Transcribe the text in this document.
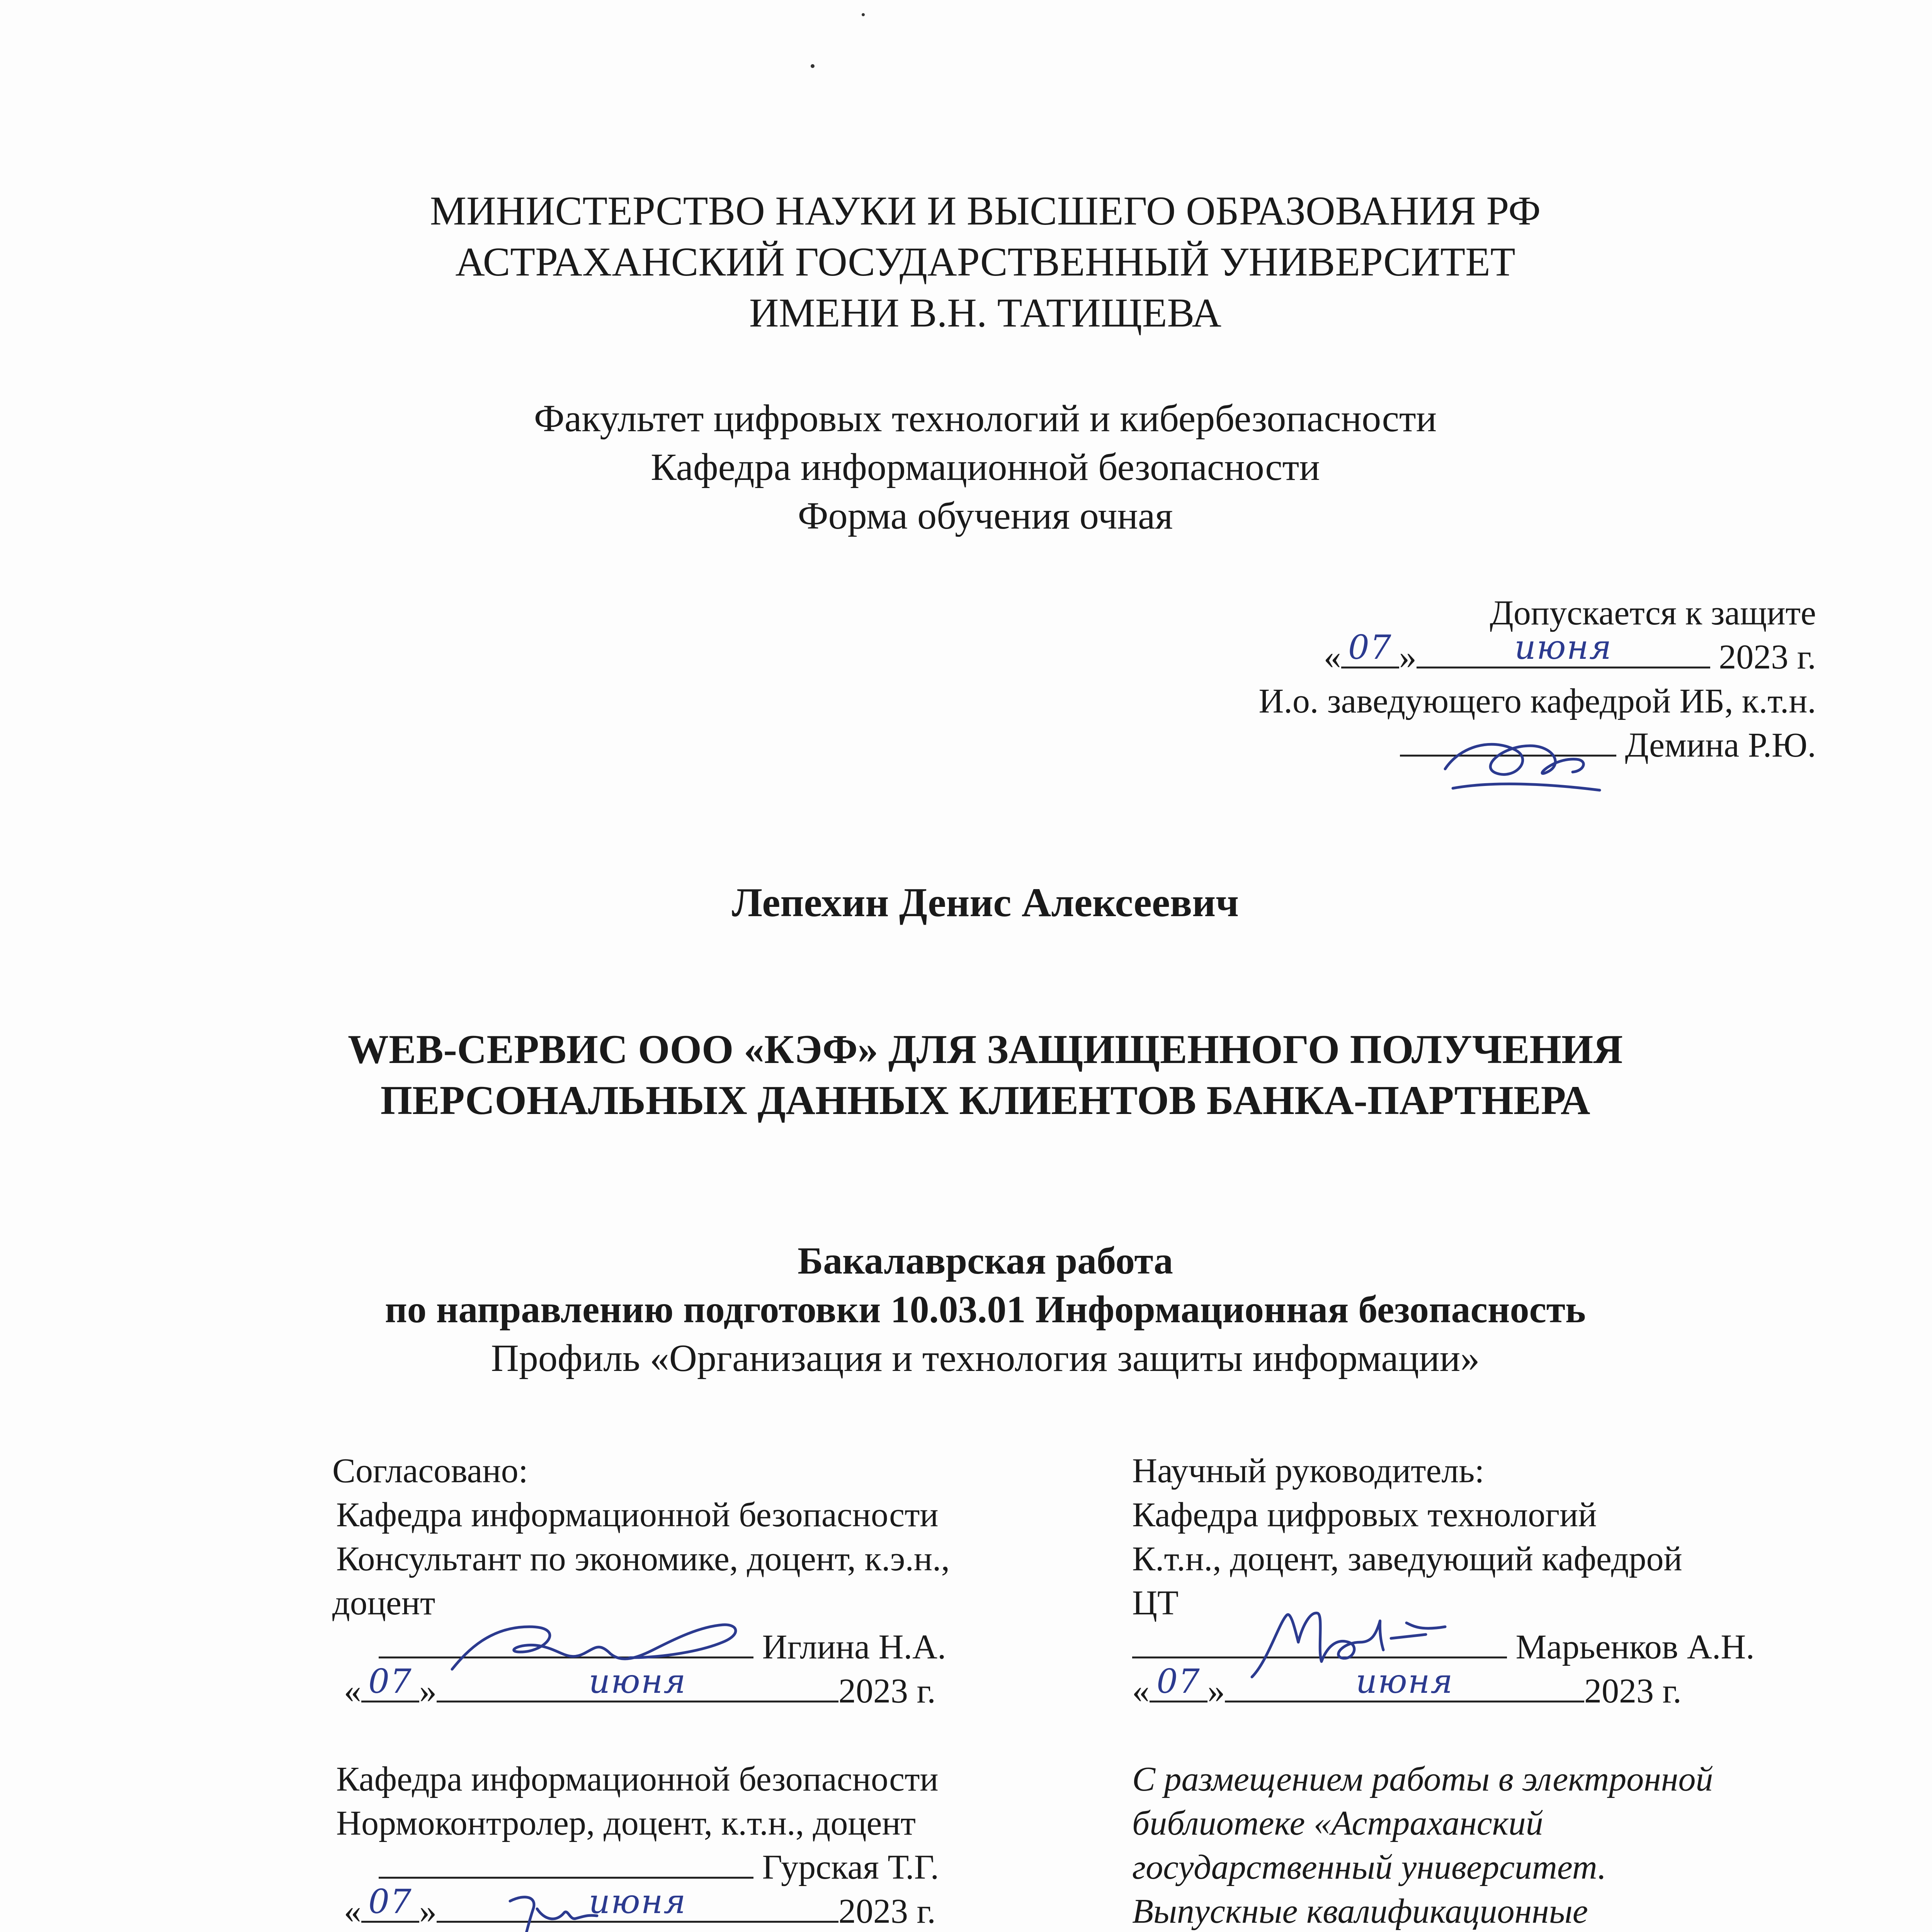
МИНИСТЕРСТВО НАУКИ И ВЫСШЕГО ОБРАЗОВАНИЯ РФ
АСТРАХАНСКИЙ ГОСУДАРСТВЕННЫЙ УНИВЕРСИТЕТ
ИМЕНИ В.Н. ТАТИЩЕВА
Факультет цифровых технологий и кибербезопасности
Кафедра информационной безопасности
Форма обучения очная
Допускается к защите
« 07 »	июня	2023 г.
И.о. заведующего кафедрой ИБ, к.т.н.
Демина Р.Ю.
Лепехин Денис Алексеевич
WEB-СЕРВИС ООО «КЭФ» ДЛЯ ЗАЩИЩЕННОГО ПОЛУЧЕНИЯ
ПЕРСОНАЛЬНЫХ ДАННЫХ КЛИЕНТОВ БАНКА-ПАРТНЕРА
Бакалаврская работа
по направлению подготовки 10.03.01 Информационная безопасность
Профиль «Организация и технология защиты информации»
Согласовано:
Кафедра информационной безопасности
Консультант по экономике, доцент, к.э.н.,
доцент
Иглина Н.А.
« 07 »	июня	2023 г.
Кафедра информационной безопасности
Нормоконтролер, доцент, к.т.н., доцент
Гурская Т.Г.
« 07 »	июня	2023 г.
Научный руководитель:
Кафедра цифровых технологий
К.т.н., доцент, заведующий кафедрой
ЦТ
Марьенков А.Н.
« 07 »	июня	2023 г.
С размещением работы в электронной
библиотеке «Астраханский
государственный университет.
Выпускные квалификационные
